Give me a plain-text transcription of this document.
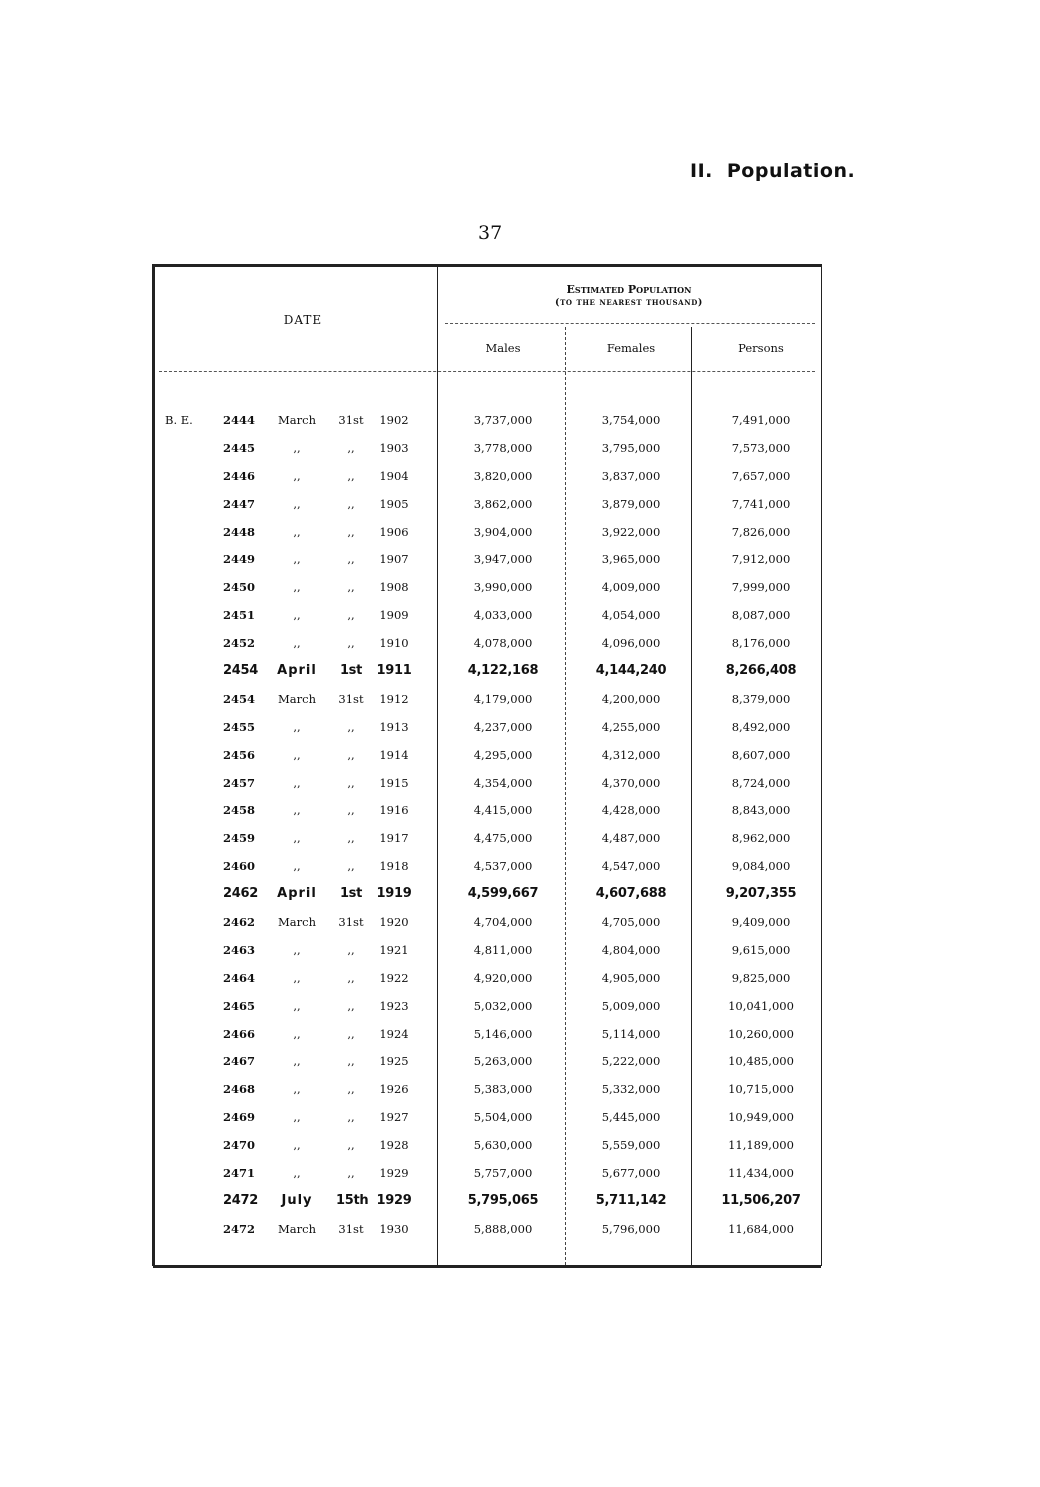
II. Population.
37
DATE
Estimated Population
(to the nearest thousand)
Males	Females	Persons
B. E.	2444	March	31st	1902	3,737,000	3,754,000	7,491,000
2445	,,	,,	1903	3,778,000	3,795,000	7,573,000
2446	,,	,,	1904	3,820,000	3,837,000	7,657,000
2447	,,	,,	1905	3,862,000	3,879,000	7,741,000
2448	,,	,,	1906	3,904,000	3,922,000	7,826,000
2449	,,	,,	1907	3,947,000	3,965,000	7,912,000
2450	,,	,,	1908	3,990,000	4,009,000	7,999,000
2451	,,	,,	1909	4,033,000	4,054,000	8,087,000
2452	,,	,,	1910	4,078,000	4,096,000	8,176,000
2454	April	1st	1911	4,122,168	4,144,240	8,266,408
2454	March	31st	1912	4,179,000	4,200,000	8,379,000
2455	,,	,,	1913	4,237,000	4,255,000	8,492,000
2456	,,	,,	1914	4,295,000	4,312,000	8,607,000
2457	,,	,,	1915	4,354,000	4,370,000	8,724,000
2458	,,	,,	1916	4,415,000	4,428,000	8,843,000
2459	,,	,,	1917	4,475,000	4,487,000	8,962,000
2460	,,	,,	1918	4,537,000	4,547,000	9,084,000
2462	April	1st	1919	4,599,667	4,607,688	9,207,355
2462	March	31st	1920	4,704,000	4,705,000	9,409,000
2463	,,	,,	1921	4,811,000	4,804,000	9,615,000
2464	,,	,,	1922	4,920,000	4,905,000	9,825,000
2465	,,	,,	1923	5,032,000	5,009,000	10,041,000
2466	,,	,,	1924	5,146,000	5,114,000	10,260,000
2467	,,	,,	1925	5,263,000	5,222,000	10,485,000
2468	,,	,,	1926	5,383,000	5,332,000	10,715,000
2469	,,	,,	1927	5,504,000	5,445,000	10,949,000
2470	,,	,,	1928	5,630,000	5,559,000	11,189,000
2471	,,	,,	1929	5,757,000	5,677,000	11,434,000
2472	July	15th 1929	5,795,065	5,711,142	11,506,207
2472	March	31st	1930	5,888,000	5,796,000	11,684,000
